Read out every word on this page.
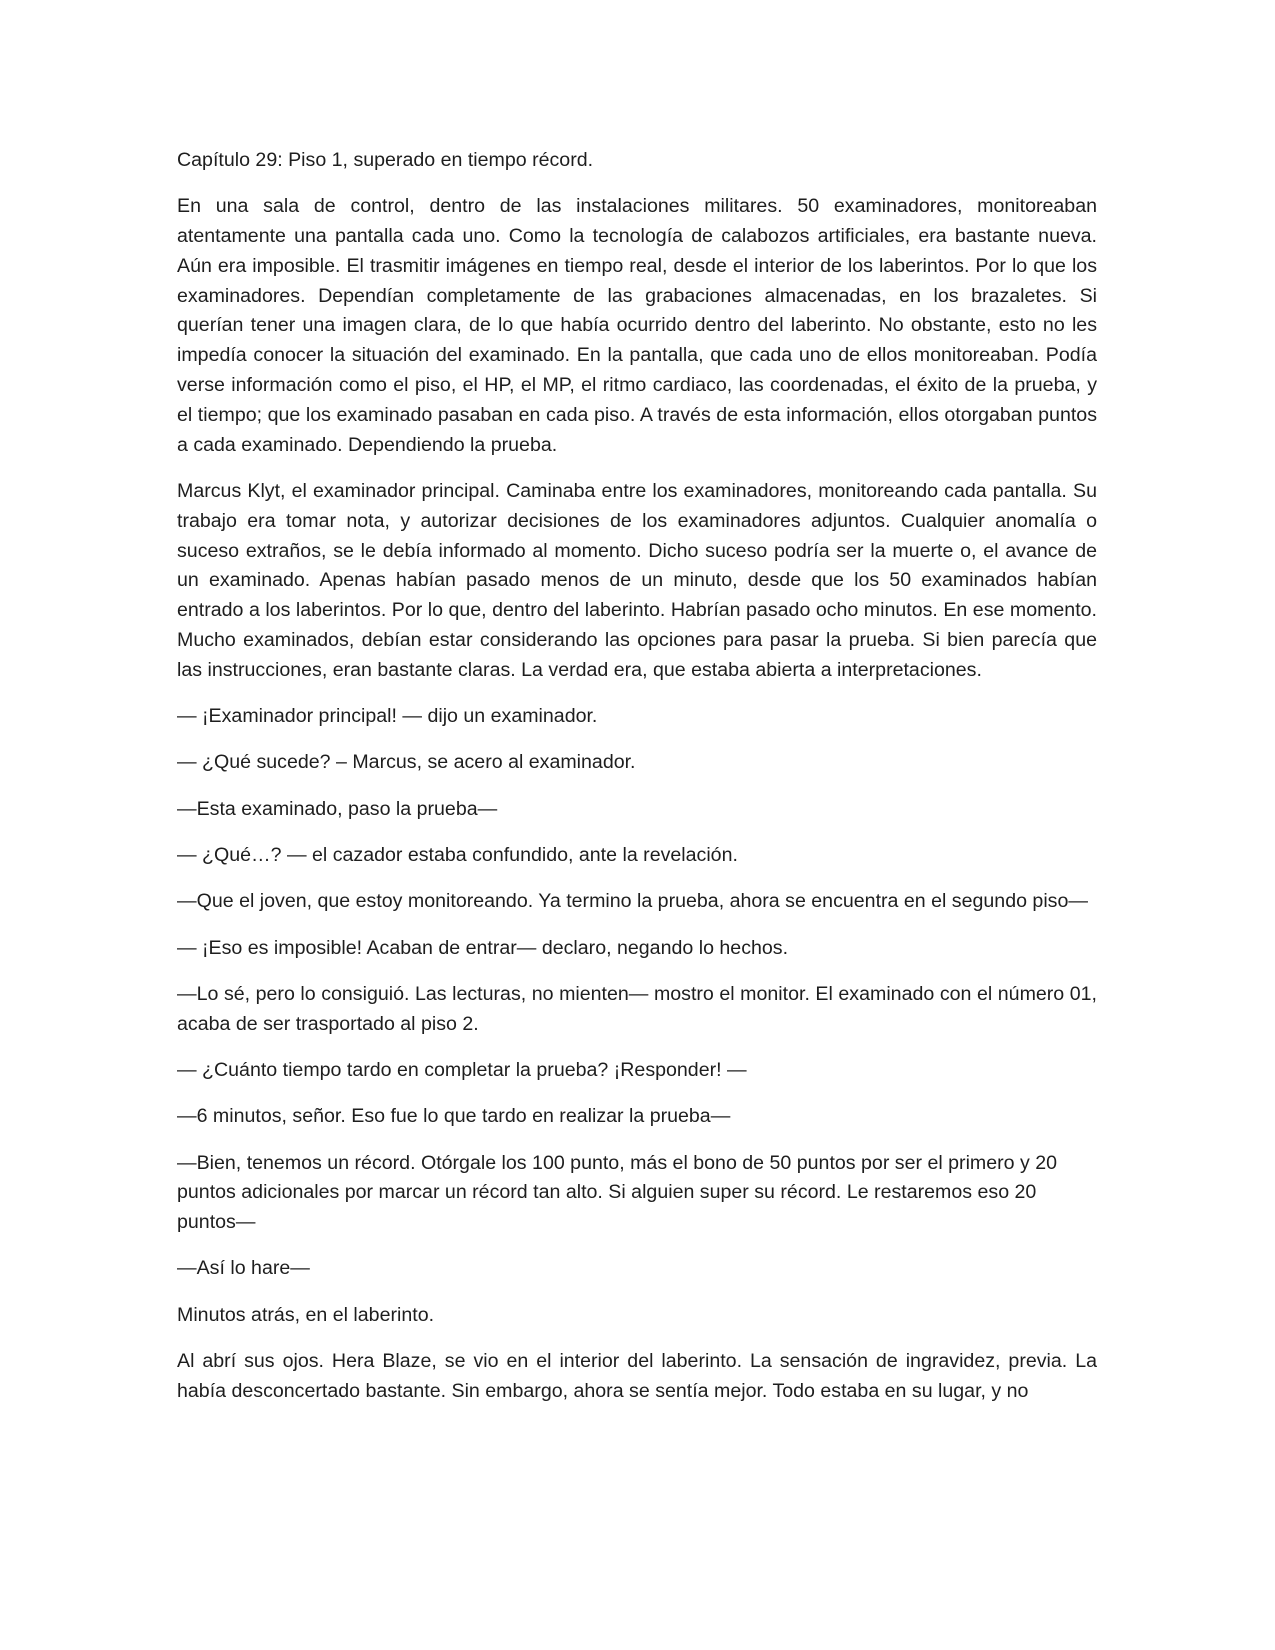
Capítulo 29: Piso 1, superado en tiempo récord.

En una sala de control, dentro de las instalaciones militares. 50 examinadores, monitoreaban atentamente una pantalla cada uno. Como la tecnología de calabozos artificiales, era bastante nueva. Aún era imposible. El trasmitir imágenes en tiempo real, desde el interior de los laberintos. Por lo que los examinadores. Dependían completamente de las grabaciones almacenadas, en los brazaletes. Si querían tener una imagen clara, de lo que había ocurrido dentro del laberinto. No obstante, esto no les impedía conocer la situación del examinado. En la pantalla, que cada uno de ellos monitoreaban. Podía verse información como el piso, el HP, el MP, el ritmo cardiaco, las coordenadas, el éxito de la prueba, y el tiempo; que los examinado pasaban en cada piso. A través de esta información, ellos otorgaban puntos a cada examinado. Dependiendo la prueba.

Marcus Klyt, el examinador principal. Caminaba entre los examinadores, monitoreando cada pantalla. Su trabajo era tomar nota, y autorizar decisiones de los examinadores adjuntos. Cualquier anomalía o suceso extraños, se le debía informado al momento. Dicho suceso podría ser la muerte o, el avance de un examinado. Apenas habían pasado menos de un minuto, desde que los 50 examinados habían entrado a los laberintos. Por lo que, dentro del laberinto. Habrían pasado ocho minutos. En ese momento. Mucho examinados, debían estar considerando las opciones para pasar la prueba. Si bien parecía que las instrucciones, eran bastante claras. La verdad era, que estaba abierta a interpretaciones.

— ¡Examinador principal! — dijo un examinador.

— ¿Qué sucede? – Marcus, se acero al examinador.

—Esta examinado, paso la prueba—

— ¿Qué…? — el cazador estaba confundido, ante la revelación.

—Que el joven, que estoy monitoreando. Ya termino la prueba, ahora se encuentra en el segundo piso—

— ¡Eso es imposible! Acaban de entrar— declaro, negando lo hechos.

—Lo sé, pero lo consiguió. Las lecturas, no mienten— mostro el monitor. El examinado con el número 01, acaba de ser trasportado al piso 2.

— ¿Cuánto tiempo tardo en completar la prueba? ¡Responder! —

—6 minutos, señor. Eso fue lo que tardo en realizar la prueba—

—Bien, tenemos un récord. Otórgale los 100 punto, más el bono de 50 puntos por ser el primero y 20 puntos adicionales por marcar un récord tan alto. Si alguien super su récord. Le restaremos eso 20 puntos—

—Así lo hare—

Minutos atrás, en el laberinto.

Al abrí sus ojos. Hera Blaze, se vio en el interior del laberinto. La sensación de ingravidez, previa. La había desconcertado bastante. Sin embargo, ahora se sentía mejor. Todo estaba en su lugar, y no
